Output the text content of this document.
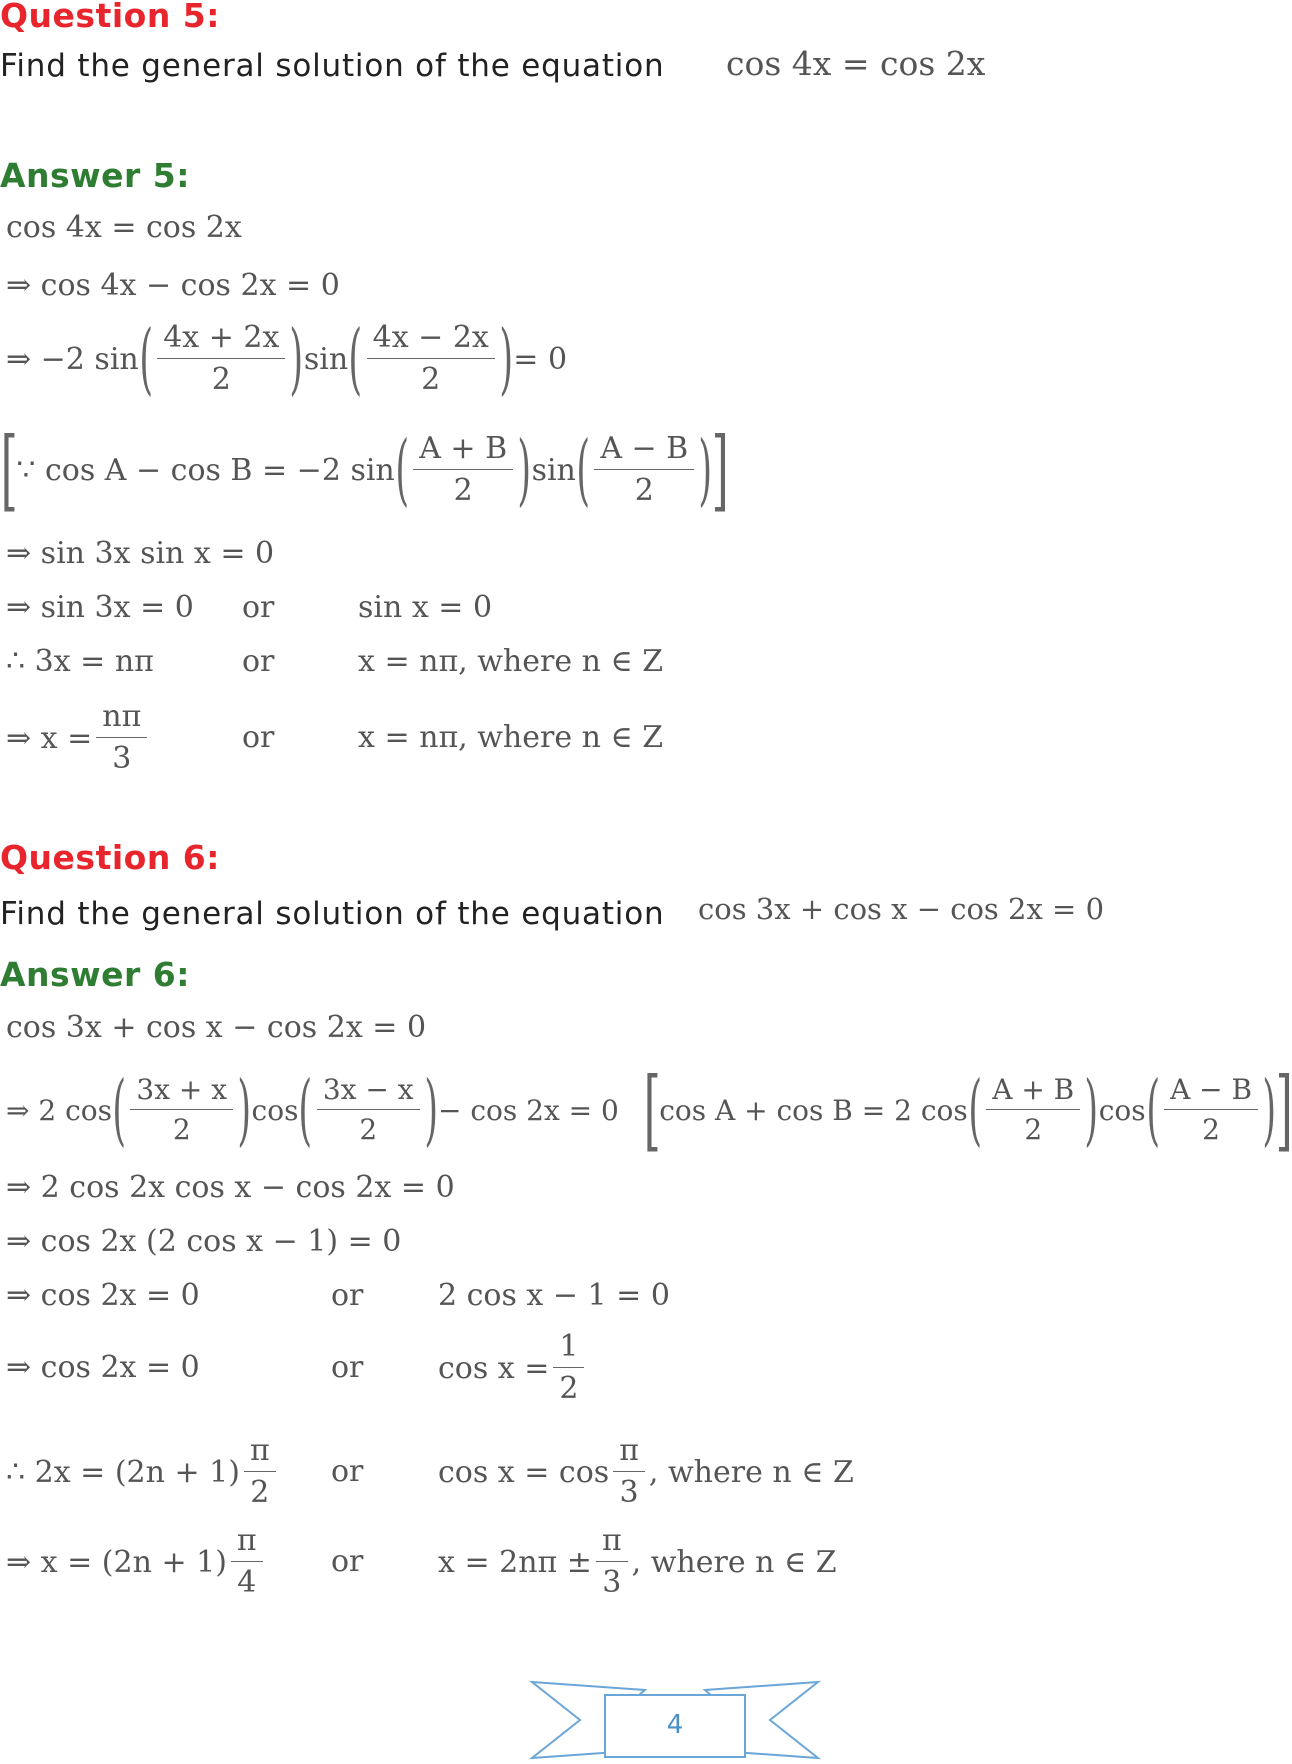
Question 5:
Find the general solution of the equation cos 4x = cos 2x
Answer 5:
cos 4x = cos 2x
⇒ cos 4x − cos 2x = 0
⇒ −2 sin ( $\frac{4x + 2x}{2}$ ) sin ( $\frac{4x - 2x}{2}$ ) = 0
[
∵ cos A − cos B = −2 sin ( $\frac{A + B}{2}$ ) sin ( $\frac{A - B}{2}$ )
]
⇒ sin 3x sin x = 0
⇒ sin 3x = 0 or	sin x = 0
∴ 3x = nπ	or	x = nπ, where n ∈ Z
⇒ $x = \frac{n\pi}{3}$	or	x = nπ, where n ∈ Z
Question 6:
Find the general solution of the equation cos 3x + cos x − cos 2x = 0
Answer 6:
cos 3x + cos x − cos 2x = 0
⇒ 2 cos ( $\frac{3x + x}{2}$ ) cos ( $\frac{3x - x}{2}$ ) − cos 2x = 0 [
cos A + cos B = 2 cos ( $\frac{A + B}{2}$ ) cos ( $\frac{A - B}{2}$ )
]
⇒ 2 cos 2x cos x − cos 2x = 0
⇒ cos 2x (2 cos x − 1) = 0
⇒ cos 2x = 0	or 2 cos x − 1 = 0
⇒ cos 2x = 0	or $\cos x = \frac{1}{2}$
∴ $2x = (2n + 1) \frac{\pi}{2}$ or $\cos x = \cos \frac{\pi}{3}$ , where n ∈ Z
⇒ $x = (2n + 1) \frac{\pi}{4}$ or $x = 2n\pi \pm \frac{\pi}{3}$ , where n ∈ Z
4
